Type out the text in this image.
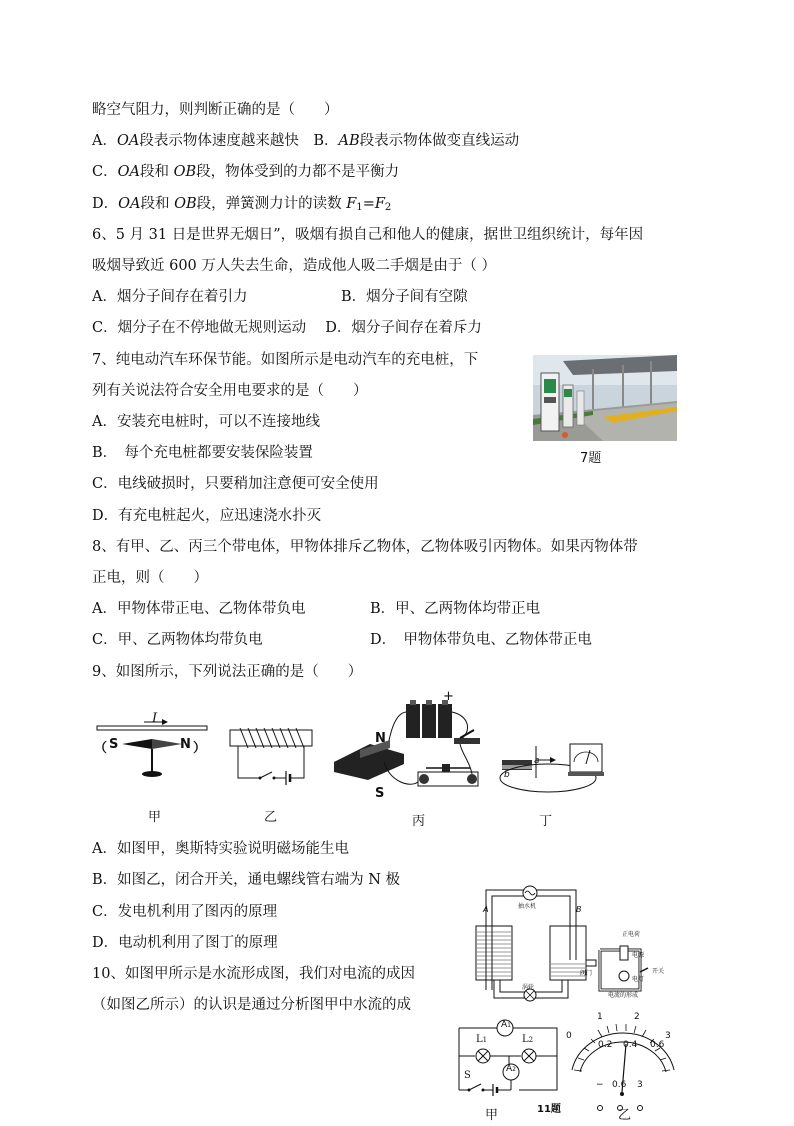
略空气阻力，则判断正确的是（　　）
A．OA段表示物体速度越来越快　B．AB段表示物体做变直线运动
C．OA段和 OB段，物体受到的力都不是平衡力
D．OA段和 OB段，弹簧测力计的读数 $F_1=F_2$
6、5 月 31 日是世界无烟日”，吸烟有损自己和他人的健康，据世卫组织统计，每年因
吸烟导致近 600 万人失去生命，造成他人吸二手烟是由于（ ）
A．烟分子间存在着引力	B．烟分子间有空隙
C．烟分子在不停地做无规则运动　 D．烟分子间存在着斥力
7、纯电动汽车环保节能。如图所示是电动汽车的充电桩，下
列有关说法符合安全用电要求的是（　　）
A．安装充电桩时，可以不连接地线
B．　每个充电桩都要安装保险装置
C．电线破损时，只要稍加注意便可安全使用
D．有充电桩起火，应迅速浇水扑灭
8、有甲、乙、丙三个带电体，甲物体排斥乙物体，乙物体吸引丙物体。如果丙物体带
正电，则（　　）
A．甲物体带正电、乙物体带负电	B．甲、乙两物体均带正电
C．甲、乙两物体均带负电	D．　甲物体带负电、乙物体带正电
9、如图所示，下列说法正确的是（　　）
A．如图甲，奥斯特实验说明磁场能生电
B．如图乙，闭合开关，通电螺线管右端为 N 极
C．发电机利用了图丙的原理
D．电动机利用了图丁的原理
10、如图甲所示是水流形成图，我们对电流的成因
（如图乙所示）的认识是通过分析图甲中水流的成
7题
I
（ S	N ）
甲	乙
+
N
S
丙
a
b
丁
抽水机
A	B
涡轮
阀门
正电荷
电源
电灯
开关
电流的形成
A1
A2
L1	L2
S
甲	11题
0
1	2
3
0.2 0.4 0.6
− 0.6 3
乙
